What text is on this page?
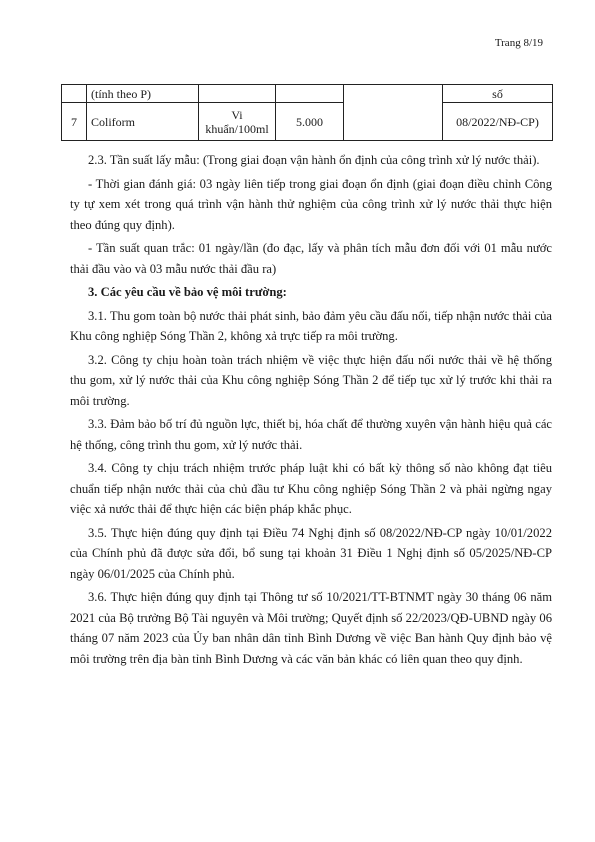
Trang 8/19
	(tính theo P)				số
7	Coliform	Vi khuẩn/100ml	5.000		08/2022/NĐ-CP)

2.3. Tần suất lấy mẫu: (Trong giai đoạn vận hành ổn định của công trình xử lý nước thải).

- Thời gian đánh giá: 03 ngày liên tiếp trong giai đoạn ổn định (giai đoạn điều chỉnh Công ty tự xem xét trong quá trình vận hành thử nghiệm của công trình xử lý nước thải thực hiện theo đúng quy định).

- Tần suất quan trắc: 01 ngày/lần (đo đạc, lấy và phân tích mẫu đơn đối với 01 mẫu nước thải đầu vào và 03 mẫu nước thải đầu ra)

3. Các yêu cầu về bảo vệ môi trường:

3.1. Thu gom toàn bộ nước thải phát sinh, bảo đảm yêu cầu đấu nối, tiếp nhận nước thải của Khu công nghiệp Sóng Thần 2, không xả trực tiếp ra môi trường.

3.2. Công ty chịu hoàn toàn trách nhiệm về việc thực hiện đấu nối nước thải về hệ thống thu gom, xử lý nước thải của Khu công nghiệp Sóng Thần 2 để tiếp tục xử lý trước khi thải ra môi trường.

3.3. Đảm bảo bố trí đủ nguồn lực, thiết bị, hóa chất để thường xuyên vận hành hiệu quả các hệ thống, công trình thu gom, xử lý nước thải.

3.4. Công ty chịu trách nhiệm trước pháp luật khi có bất kỳ thông số nào không đạt tiêu chuẩn tiếp nhận nước thải của chủ đầu tư Khu công nghiệp Sóng Thần 2 và phải ngừng ngay việc xả nước thải để thực hiện các biện pháp khắc phục.

3.5. Thực hiện đúng quy định tại Điều 74 Nghị định số 08/2022/NĐ-CP ngày 10/01/2022 của Chính phủ đã được sửa đổi, bổ sung tại khoản 31 Điều 1 Nghị định số 05/2025/NĐ-CP ngày 06/01/2025 của Chính phủ.

3.6. Thực hiện đúng quy định tại Thông tư số 10/2021/TT-BTNMT ngày 30 tháng 06 năm 2021 của Bộ trưởng Bộ Tài nguyên và Môi trường; Quyết định số 22/2023/QĐ-UBND ngày 06 tháng 07 năm 2023 của Ủy ban nhân dân tỉnh Bình Dương về việc Ban hành Quy định bảo vệ môi trường trên địa bàn tỉnh Bình Dương và các văn bản khác có liên quan theo quy định.
